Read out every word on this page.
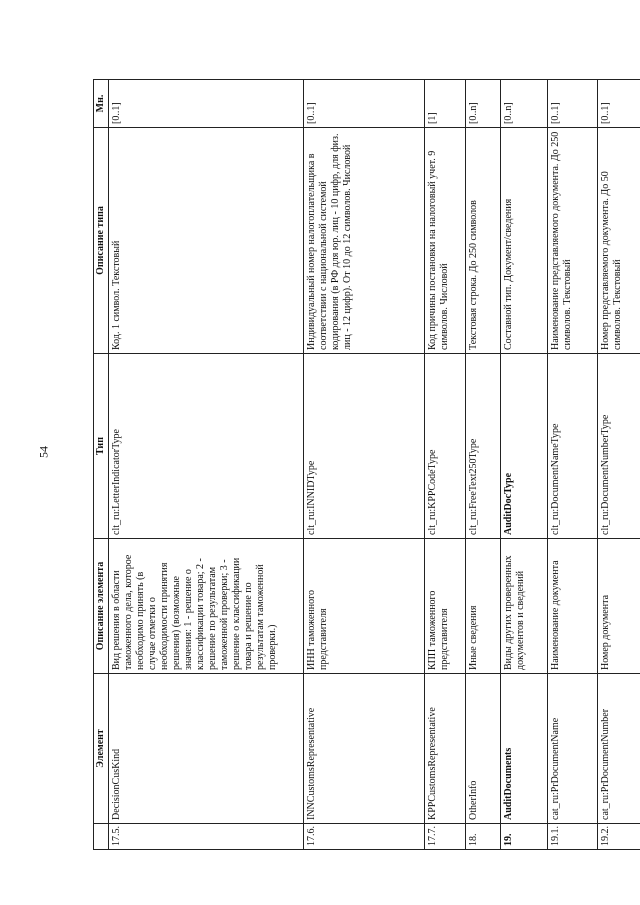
54
	Элемент	Описание элемента	Тип	Описание типа	Мн.
17.5.	DecisionCusKind	Вид решения в области таможенного дела, которое необходимо принять (в случае отметки о необходимости принятия решения) (возможные значения: 1 - решение о классификации товара; 2 - решение по результатам таможенной проверки; 3 - решение о классификации товара и решение по результатам таможенной проверки.)	clt_ru:LetterIndicatorType	Код. 1 символ. Текстовый	[0..1]
17.6.	INNCustomsRepresentative	ИНН таможенного представителя	clt_ru:INNIDType	Индивидуальный номер налогоплательщика в соответствии с национальной системой кодирования (в РФ для юр. лиц - 10 цифр, для физ. лиц - 12 цифр). От 10 до 12 символов. Числовой	[0..1]
17.7.	KPPCustomsRepresentative	КПП таможенного представителя	clt_ru:KPPCodeType	Код причины постановки на налоговый учет. 9 символов. Числовой	[1]
18.	OtherInfo	Иные сведения	clt_ru:FreeText250Type	Текстовая строка. До 250 символов	[0..n]
19.	AuditDocuments	Виды других проверенных документов и сведений	AuditDocType	Составной тип. Документ/сведения	[0..n]
19.1.	cat_ru:PrDocumentName	Наименование документа	clt_ru:DocumentNameType	Наименование представляемого документа. До 250 символов. Текстовый	[0..1]
19.2.	cat_ru:PrDocumentNumber	Номер документа	clt_ru:DocumentNumberType	Номер представляемого документа. До 50 символов. Текстовый	[0..1]
